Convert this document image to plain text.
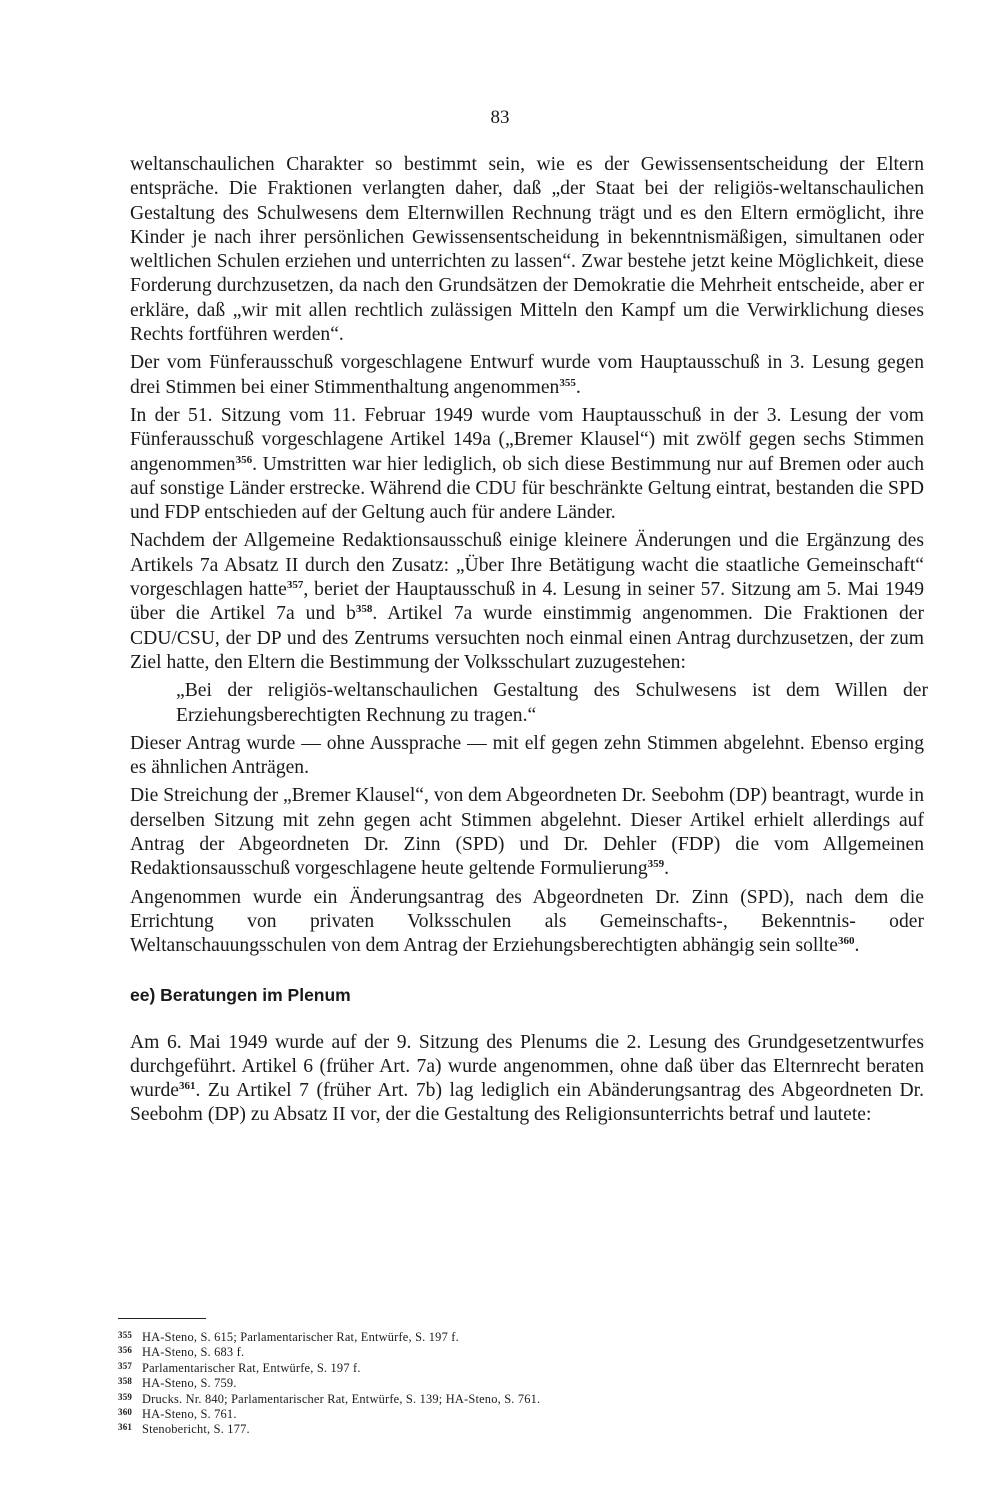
83

weltanschaulichen Charakter so bestimmt sein, wie es der Gewissensentscheidung der Eltern entspräche. Die Fraktionen verlangten daher, daß „der Staat bei der religiös-weltanschaulichen Gestaltung des Schulwesens dem Elternwillen Rechnung trägt und es den Eltern ermöglicht, ihre Kinder je nach ihrer persönlichen Gewissensentscheidung in bekenntnismäßigen, simultanen oder weltlichen Schulen erziehen und unterrichten zu lassen“. Zwar bestehe jetzt keine Möglichkeit, diese Forderung durchzusetzen, da nach den Grundsätzen der Demokratie die Mehrheit entscheide, aber er erkläre, daß „wir mit allen rechtlich zulässigen Mitteln den Kampf um die Verwirklichung dieses Rechts fortführen werden“.

Der vom Fünferausschuß vorgeschlagene Entwurf wurde vom Hauptausschuß in 3. Lesung gegen drei Stimmen bei einer Stimmenthaltung angenommen$^{355}$.

In der 51. Sitzung vom 11. Februar 1949 wurde vom Hauptausschuß in der 3. Lesung der vom Fünferausschuß vorgeschlagene Artikel 149a („Bremer Klausel“) mit zwölf gegen sechs Stimmen angenommen$^{356}$. Umstritten war hier lediglich, ob sich diese Bestimmung nur auf Bremen oder auch auf sonstige Länder erstrecke. Während die CDU für beschränkte Geltung eintrat, bestanden die SPD und FDP entschieden auf der Geltung auch für andere Länder.

Nachdem der Allgemeine Redaktionsausschuß einige kleinere Änderungen und die Ergänzung des Artikels 7a Absatz II durch den Zusatz: „Über Ihre Betätigung wacht die staatliche Gemeinschaft“ vorgeschlagen hatte$^{357}$, beriet der Hauptausschuß in 4. Lesung in seiner 57. Sitzung am 5. Mai 1949 über die Artikel 7a und $b^{358}$. Artikel 7a wurde einstimmig angenommen. Die Fraktionen der CDU/CSU, der DP und des Zentrums versuchten noch einmal einen Antrag durchzusetzen, der zum Ziel hatte, den Eltern die Bestimmung der Volksschulart zuzugestehen:

„Bei der religiös-weltanschaulichen Gestaltung des Schulwesens ist dem Willen der Erziehungsberechtigten Rechnung zu tragen.“

Dieser Antrag wurde — ohne Aussprache — mit elf gegen zehn Stimmen abgelehnt. Ebenso erging es ähnlichen Anträgen.

Die Streichung der „Bremer Klausel“, von dem Abgeordneten Dr. Seebohm (DP) beantragt, wurde in derselben Sitzung mit zehn gegen acht Stimmen abgelehnt. Dieser Artikel erhielt allerdings auf Antrag der Abgeordneten Dr. Zinn (SPD) und Dr. Dehler (FDP) die vom Allgemeinen Redaktionsausschuß vorgeschlagene heute geltende Formulierung$^{359}$.

Angenommen wurde ein Änderungsantrag des Abgeordneten Dr. Zinn (SPD), nach dem die Errichtung von privaten Volksschulen als Gemeinschafts-, Bekenntnis- oder Weltanschauungsschulen von dem Antrag der Erziehungsberechtigten abhängig sein sollte$^{360}$.

ee) Beratungen im Plenum

Am 6. Mai 1949 wurde auf der 9. Sitzung des Plenums die 2. Lesung des Grundgesetzentwurfes durchgeführt. Artikel 6 (früher Art. 7a) wurde angenommen, ohne daß über das Elternrecht beraten wurde$^{361}$. Zu Artikel 7 (früher Art. 7b) lag lediglich ein Abänderungsantrag des Abgeordneten Dr. Seebohm (DP) zu Absatz II vor, der die Gestaltung des Religionsunterrichts betraf und lautete:

355 HA-Steno, S. 615; Parlamentarischer Rat, Entwürfe, S. 197 f.
356 HA-Steno, S. 683 f.
357 Parlamentarischer Rat, Entwürfe, S. 197 f.
358 HA-Steno, S. 759.
359 Drucks. Nr. 840; Parlamentarischer Rat, Entwürfe, S. 139; HA-Steno, S. 761.
360 HA-Steno, S. 761.
361 Stenobericht, S. 177.
